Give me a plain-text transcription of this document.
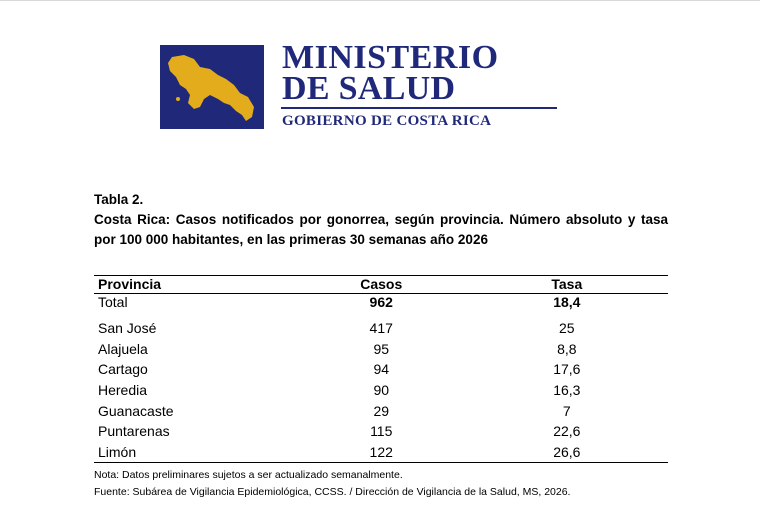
MINISTERIO
DE SALUD
GOBIERNO DE COSTA RICA
Tabla 2.
Costa Rica: Casos notificados por gonorrea, según provincia. Número absoluto y tasa por 100 000 habitantes, en las primeras 30 semanas año 2026
Provincia	Casos	Tasa
Total	962	18,4
San José	417	25
Alajuela	95	8,8
Cartago	94	17,6
Heredia	90	16,3
Guanacaste	29	7
Puntarenas	115	22,6
Limón	122	26,6
Nota: Datos preliminares sujetos a ser actualizado semanalmente.
Fuente: Subárea de Vigilancia Epidemiológica, CCSS. / Dirección de Vigilancia de la Salud, MS, 2026.
